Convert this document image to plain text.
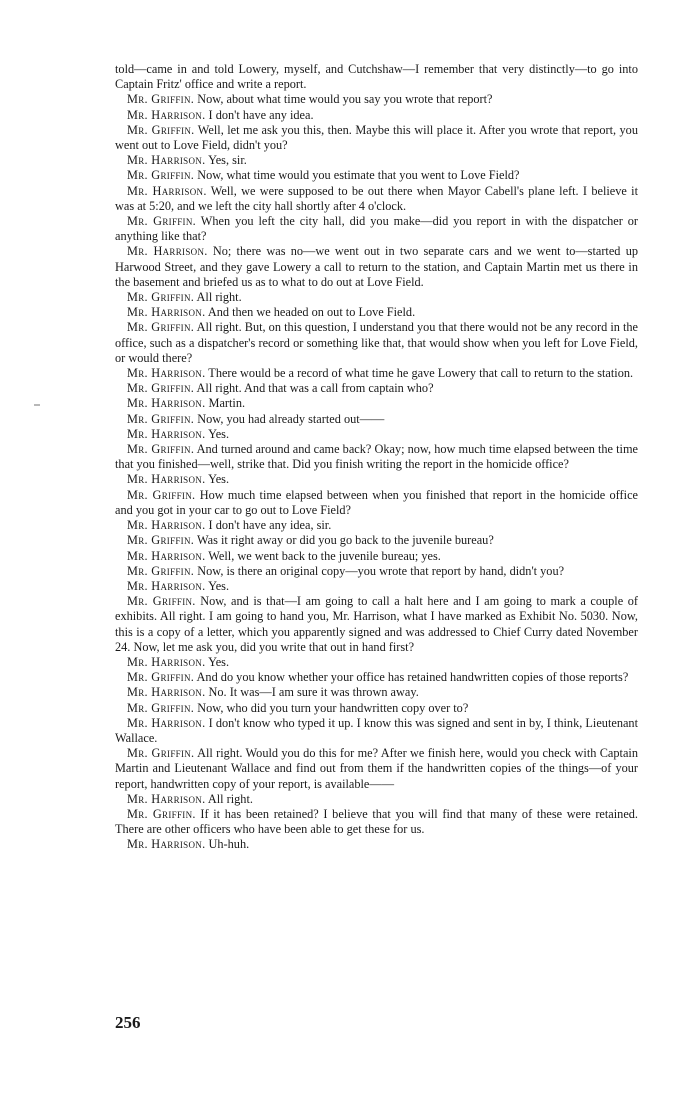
told—came in and told Lowery, myself, and Cutchshaw—I remember that very distinctly—to go into Captain Fritz' office and write a report.

Mr. Griffin. Now, about what time would you say you wrote that report?

Mr. Harrison. I don't have any idea.

Mr. Griffin. Well, let me ask you this, then. Maybe this will place it. After you wrote that report, you went out to Love Field, didn't you?

Mr. Harrison. Yes, sir.

Mr. Griffin. Now, what time would you estimate that you went to Love Field?

Mr. Harrison. Well, we were supposed to be out there when Mayor Cabell's plane left. I believe it was at 5:20, and we left the city hall shortly after 4 o'clock.

Mr. Griffin. When you left the city hall, did you make—did you report in with the dispatcher or anything like that?

Mr. Harrison. No; there was no—we went out in two separate cars and we went to—started up Harwood Street, and they gave Lowery a call to return to the station, and Captain Martin met us there in the basement and briefed us as to what to do out at Love Field.

Mr. Griffin. All right.

Mr. Harrison. And then we headed on out to Love Field.

Mr. Griffin. All right. But, on this question, I understand you that there would not be any record in the office, such as a dispatcher's record or something like that, that would show when you left for Love Field, or would there?

Mr. Harrison. There would be a record of what time he gave Lowery that call to return to the station.

Mr. Griffin. All right. And that was a call from captain who?

Mr. Harrison. Martin.

Mr. Griffin. Now, you had already started out——

Mr. Harrison. Yes.

Mr. Griffin. And turned around and came back? Okay; now, how much time elapsed between the time that you finished—well, strike that. Did you finish writing the report in the homicide office?

Mr. Harrison. Yes.

Mr. Griffin. How much time elapsed between when you finished that report in the homicide office and you got in your car to go out to Love Field?

Mr. Harrison. I don't have any idea, sir.

Mr. Griffin. Was it right away or did you go back to the juvenile bureau?

Mr. Harrison. Well, we went back to the juvenile bureau; yes.

Mr. Griffin. Now, is there an original copy—you wrote that report by hand, didn't you?

Mr. Harrison. Yes.

Mr. Griffin. Now, and is that—I am going to call a halt here and I am going to mark a couple of exhibits. All right. I am going to hand you, Mr. Harrison, what I have marked as Exhibit No. 5030. Now, this is a copy of a letter, which you apparently signed and was addressed to Chief Curry dated November 24. Now, let me ask you, did you write that out in hand first?

Mr. Harrison. Yes.

Mr. Griffin. And do you know whether your office has retained handwritten copies of those reports?

Mr. Harrison. No. It was—I am sure it was thrown away.

Mr. Griffin. Now, who did you turn your handwritten copy over to?

Mr. Harrison. I don't know who typed it up. I know this was signed and sent in by, I think, Lieutenant Wallace.

Mr. Griffin. All right. Would you do this for me? After we finish here, would you check with Captain Martin and Lieutenant Wallace and find out from them if the handwritten copies of the things—of your report, handwritten copy of your report, is available——

Mr. Harrison. All right.

Mr. Griffin. If it has been retained? I believe that you will find that many of these were retained. There are other officers who have been able to get these for us.

Mr. Harrison. Uh-huh.

256
